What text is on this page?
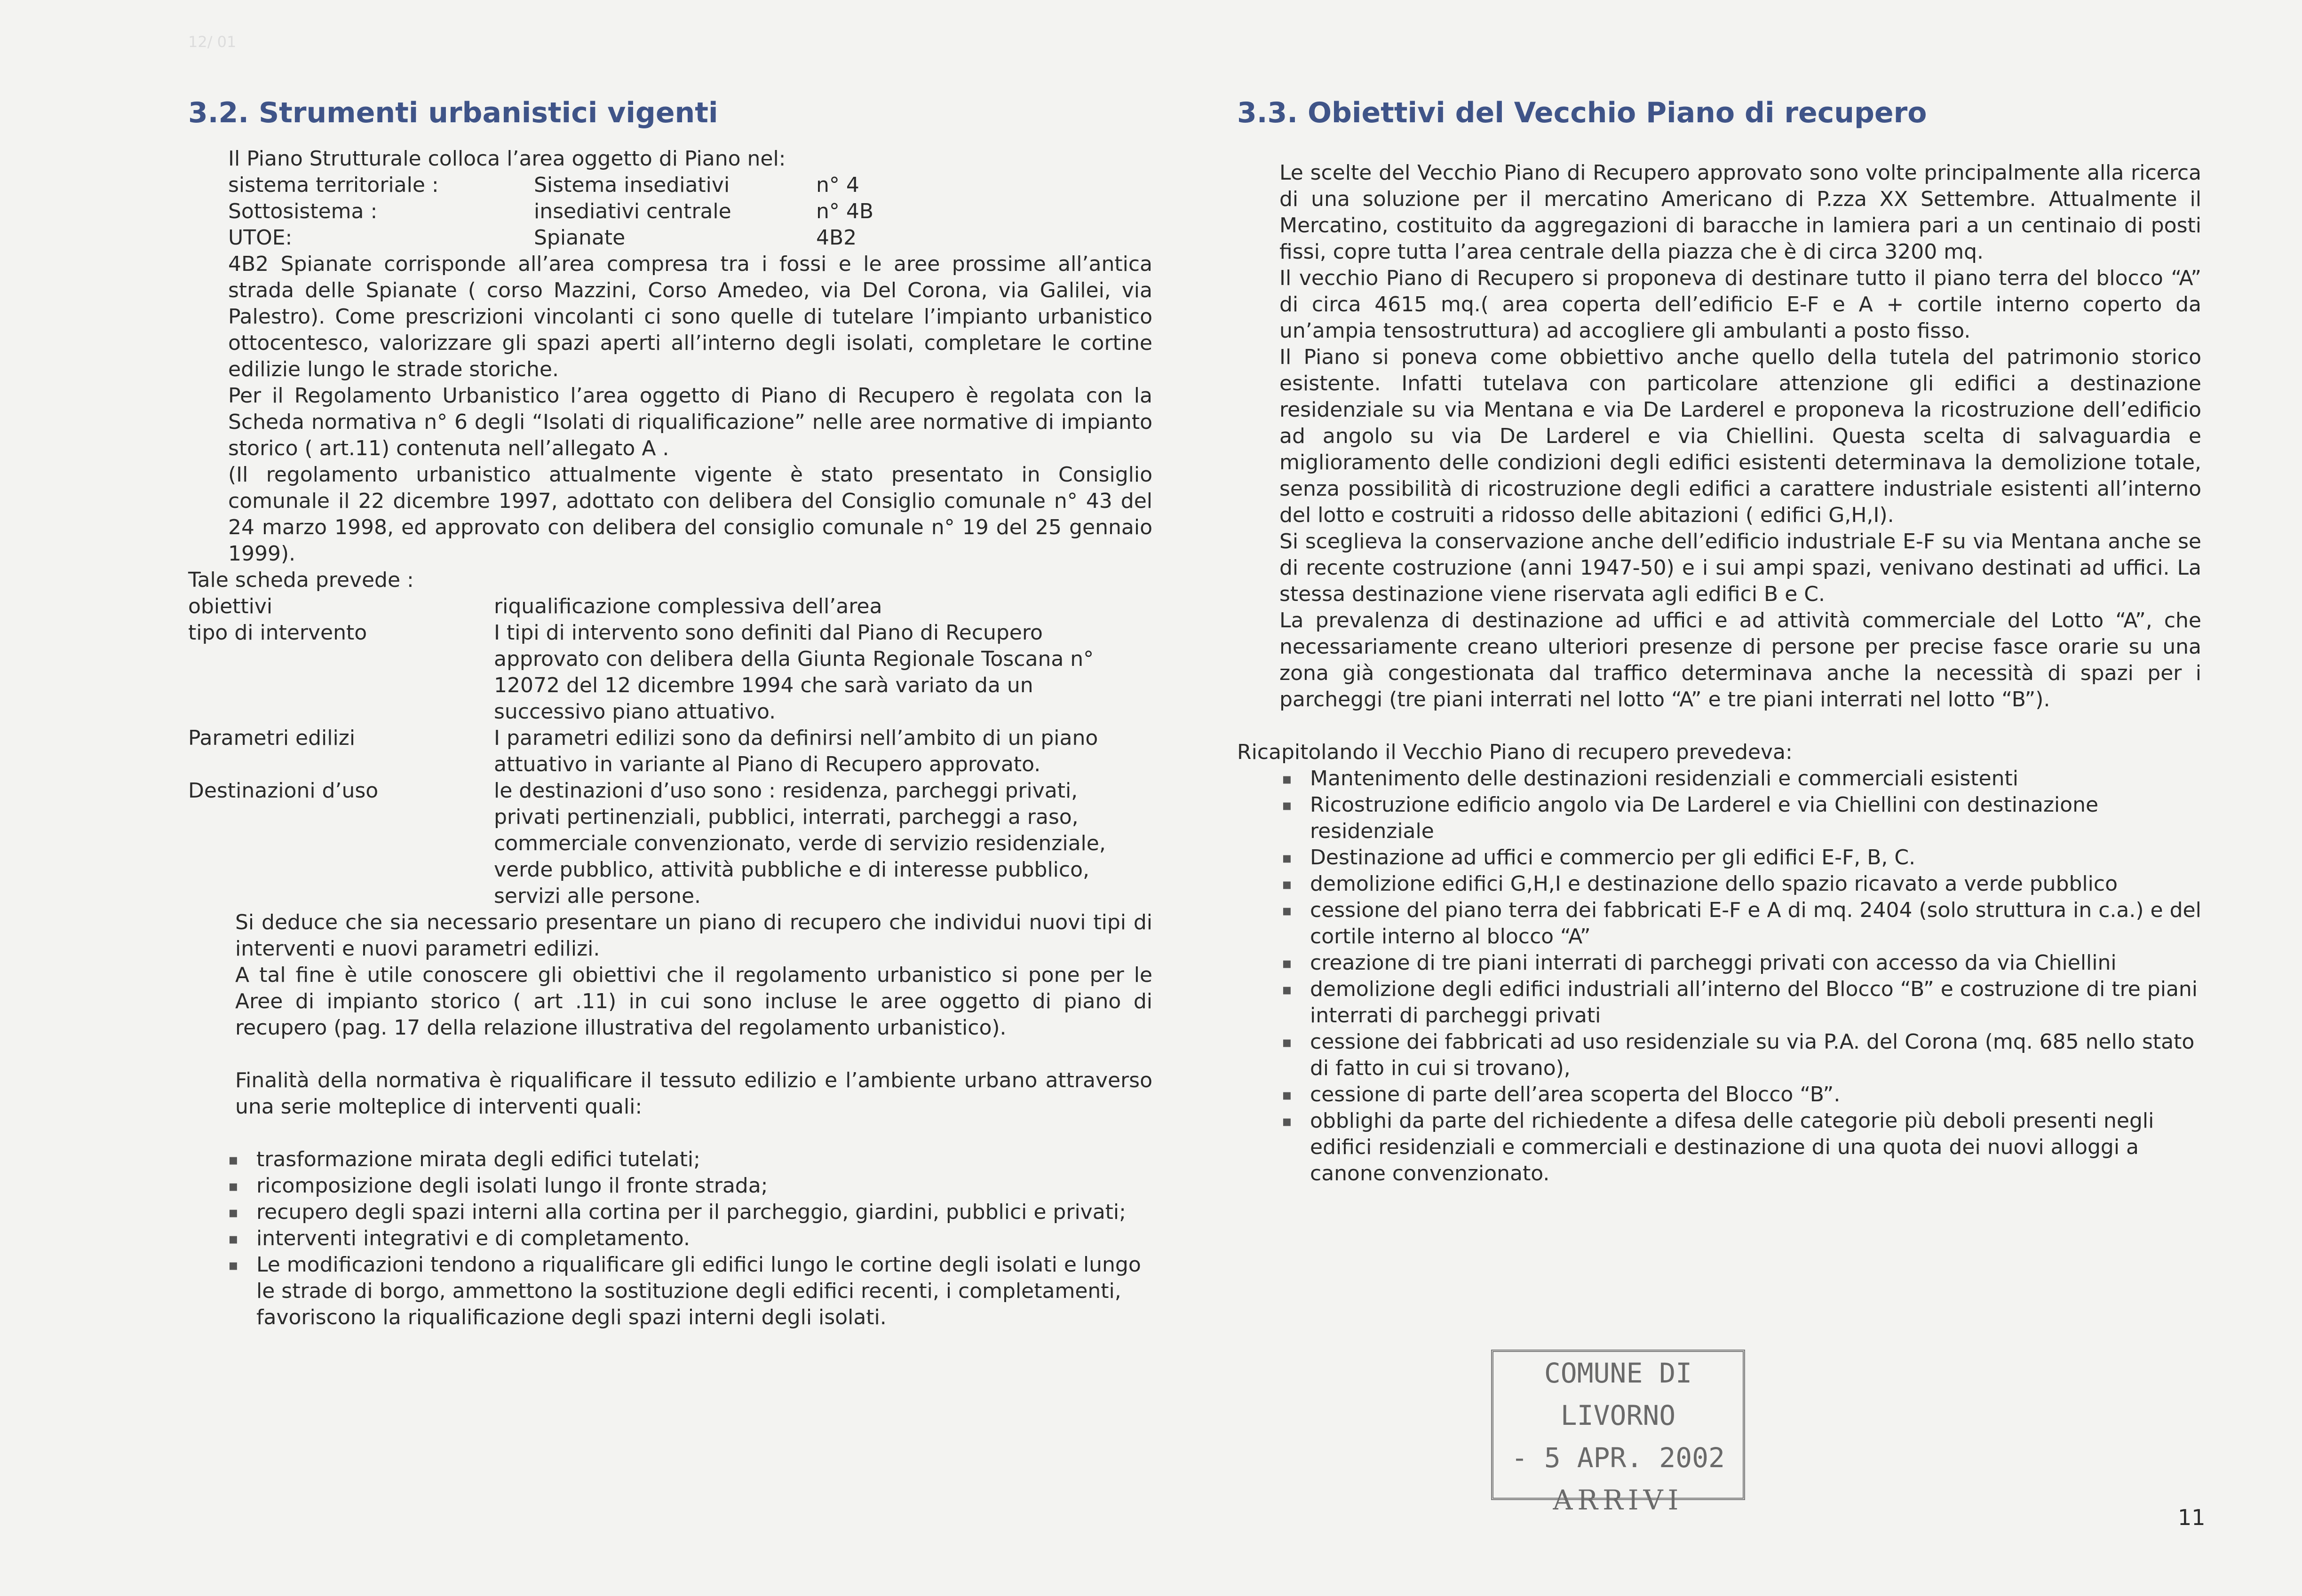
12/ 01
3.2. Strumenti urbanistici vigenti

Il Piano Strutturale colloca l’area oggetto di Piano nel:

sistema territoriale :	Sistema insediativi	n° 4
Sottosistema :	insediativi centrale	n° 4B
UTOE:	Spianate	4B2

4B2 Spianate corrisponde all’area compresa tra i fossi e le aree prossime all’antica strada delle Spianate ( corso Mazzini, Corso Amedeo, via Del Corona, via Galilei, via Palestro). Come prescrizioni vincolanti ci sono quelle di tutelare l’impianto urbanistico ottocentesco, valorizzare gli spazi aperti all’interno degli isolati, completare le cortine edilizie lungo le strade storiche.

Per il Regolamento Urbanistico l’area oggetto di Piano di Recupero è regolata con la Scheda normativa n° 6 degli “Isolati di riqualificazione” nelle aree normative di impianto storico ( art.11) contenuta nell’allegato A .

(Il regolamento urbanistico attualmente vigente è stato presentato in Consiglio comunale il 22 dicembre 1997, adottato con delibera del Consiglio comunale n° 43 del 24 marzo 1998, ed approvato con delibera del consiglio comunale n° 19 del 25 gennaio 1999).

Tale scheda prevede :

obiettivi	riqualificazione complessiva dell’area
tipo di intervento	I tipi di intervento sono definiti dal Piano di Recupero approvato con delibera della Giunta Regionale Toscana n° 12072 del 12 dicembre 1994 che sarà variato da un successivo piano attuativo.
Parametri edilizi	I parametri edilizi sono da definirsi nell’ambito di un piano attuativo in variante al Piano di Recupero approvato.
Destinazioni d’uso	le destinazioni d’uso sono : residenza, parcheggi privati, privati pertinenziali, pubblici, interrati, parcheggi a raso, commerciale convenzionato, verde di servizio residenziale, verde pubblico, attività pubbliche e di interesse pubblico, servizi alle persone.

Si deduce che sia necessario presentare un piano di recupero che individui nuovi tipi di interventi e nuovi parametri edilizi.

A tal fine è utile conoscere gli obiettivi che il regolamento urbanistico si pone per le Aree di impianto storico ( art .11) in cui sono incluse le aree oggetto di piano di recupero (pag. 17 della relazione illustrativa del regolamento urbanistico).

Finalità della normativa è riqualificare il tessuto edilizio e l’ambiente urbano attraverso una serie molteplice di interventi quali:

▪ trasformazione mirata degli edifici tutelati;
▪ ricomposizione degli isolati lungo il fronte strada;
▪ recupero degli spazi interni alla cortina per il parcheggio, giardini, pubblici e privati;
▪ interventi integrativi e di completamento.
▪ Le modificazioni tendono a riqualificare gli edifici lungo le cortine degli isolati e lungo le strade di borgo, ammettono la sostituzione degli edifici recenti, i completamenti, favoriscono la riqualificazione degli spazi interni degli isolati.
3.3. Obiettivi del Vecchio Piano di recupero

Le scelte del Vecchio Piano di Recupero approvato sono volte principalmente alla ricerca di una soluzione per il mercatino Americano di P.zza XX Settembre. Attualmente il Mercatino, costituito da aggregazioni di baracche in lamiera pari a un centinaio di posti fissi, copre tutta l’area centrale della piazza che è di circa 3200 mq.

Il vecchio Piano di Recupero si proponeva di destinare tutto il piano terra del blocco “A” di circa 4615 mq.( area coperta dell’edificio E-F e A + cortile interno coperto da un’ampia tensostruttura) ad accogliere gli ambulanti a posto fisso.

Il Piano si poneva come obbiettivo anche quello della tutela del patrimonio storico esistente. Infatti tutelava con particolare attenzione gli edifici a destinazione residenziale su via Mentana e via De Larderel e proponeva la ricostruzione dell’edificio ad angolo su via De Larderel e via Chiellini. Questa scelta di salvaguardia e miglioramento delle condizioni degli edifici esistenti determinava la demolizione totale, senza possibilità di ricostruzione degli edifici a carattere industriale esistenti all’interno del lotto e costruiti a ridosso delle abitazioni ( edifici G,H,I).

Si sceglieva la conservazione anche dell’edificio industriale E-F su via Mentana anche se di recente costruzione (anni 1947-50) e i sui ampi spazi, venivano destinati ad uffici. La stessa destinazione viene riservata agli edifici B e C.

La prevalenza di destinazione ad uffici e ad attività commerciale del Lotto “A”, che necessariamente creano ulteriori presenze di persone per precise fasce orarie su una zona già congestionata dal traffico determinava anche la necessità di spazi per i parcheggi (tre piani interrati nel lotto “A” e tre piani interrati nel lotto “B”).

Ricapitolando il Vecchio Piano di recupero prevedeva:

▪ Mantenimento delle destinazioni residenziali e commerciali esistenti
▪ Ricostruzione edificio angolo via De Larderel e via Chiellini con destinazione residenziale
▪ Destinazione ad uffici e commercio per gli edifici E-F, B, C.
▪ demolizione edifici G,H,I e destinazione dello spazio ricavato a verde pubblico
▪ cessione del piano terra dei fabbricati E-F e A di mq. 2404 (solo struttura in c.a.) e del cortile interno al blocco “A”
▪ creazione di tre piani interrati di parcheggi privati con accesso da via Chiellini
▪ demolizione degli edifici industriali all’interno del Blocco “B” e costruzione di tre piani interrati di parcheggi privati
▪ cessione dei fabbricati ad uso residenziale su via P.A. del Corona (mq. 685 nello stato di fatto in cui si trovano),
▪ cessione di parte dell’area scoperta del Blocco “B”.
▪ obblighi da parte del richiedente a difesa delle categorie più deboli presenti negli edifici residenziali e commerciali e destinazione di una quota dei nuovi alloggi a canone convenzionato.
COMUNE DI LIVORNO
- 5 APR. 2002
ARRIVI
11
